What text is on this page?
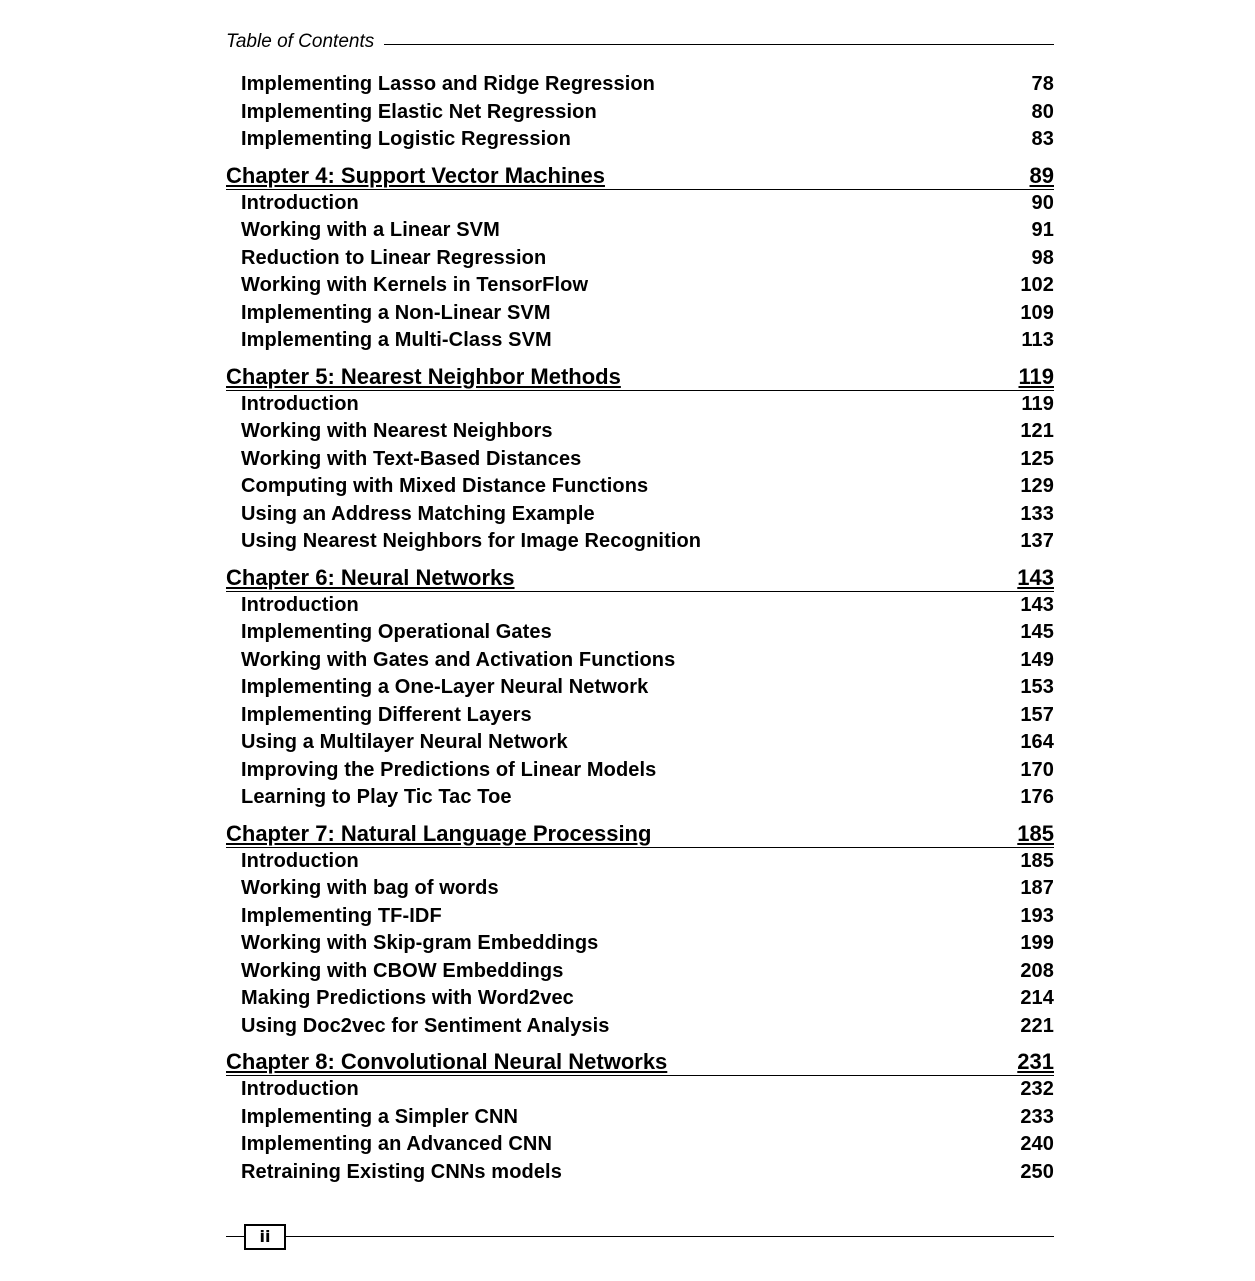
Table of Contents
Implementing Lasso and Ridge Regression	78
Implementing Elastic Net Regression	80
Implementing Logistic Regression	83
Chapter 4: Support Vector Machines	89
Introduction	90
Working with a Linear SVM	91
Reduction to Linear Regression	98
Working with Kernels in TensorFlow	102
Implementing a Non-Linear SVM	109
Implementing a Multi-Class SVM	113
Chapter 5: Nearest Neighbor Methods	119
Introduction	119
Working with Nearest Neighbors	121
Working with Text-Based Distances	125
Computing with Mixed Distance Functions	129
Using an Address Matching Example	133
Using Nearest Neighbors for Image Recognition	137
Chapter 6: Neural Networks	143
Introduction	143
Implementing Operational Gates	145
Working with Gates and Activation Functions	149
Implementing a One-Layer Neural Network	153
Implementing Different Layers	157
Using a Multilayer Neural Network	164
Improving the Predictions of Linear Models	170
Learning to Play Tic Tac Toe	176
Chapter 7: Natural Language Processing	185
Introduction	185
Working with bag of words	187
Implementing TF-IDF	193
Working with Skip-gram Embeddings	199
Working with CBOW Embeddings	208
Making Predictions with Word2vec	214
Using Doc2vec for Sentiment Analysis	221
Chapter 8: Convolutional Neural Networks	231
Introduction	232
Implementing a Simpler CNN	233
Implementing an Advanced CNN	240
Retraining Existing CNNs models	250
ii
